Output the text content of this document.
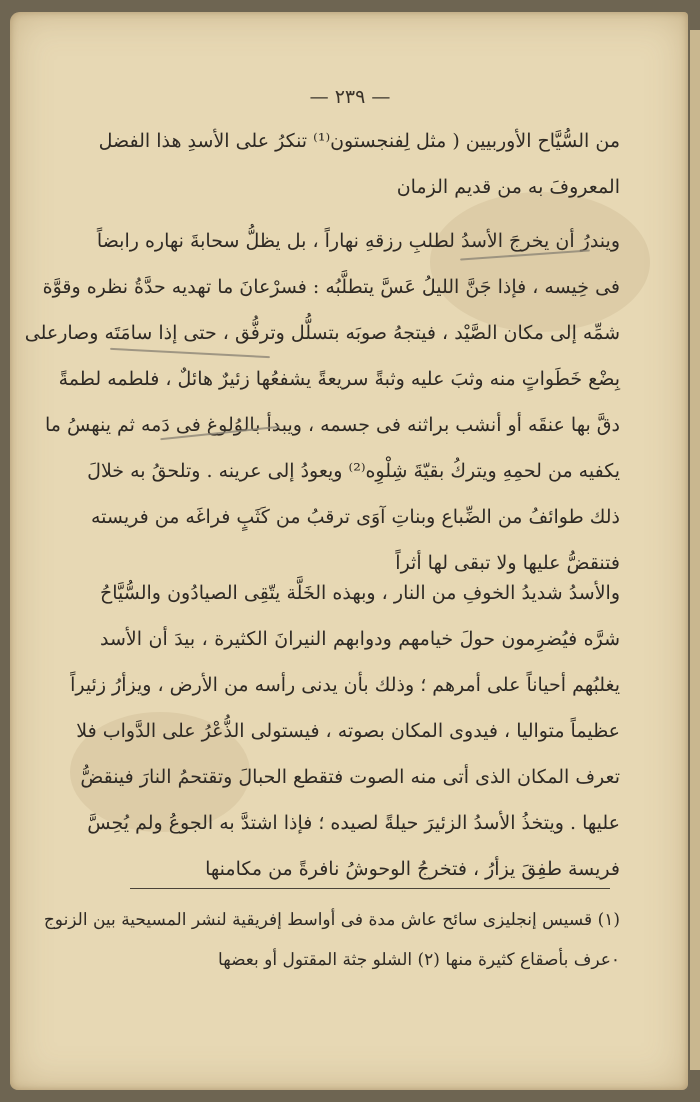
— ٢٣٩ —
من السُّيَّاح الأوربيين ( مثل لِفنجستون⁽¹⁾ تنكرُ على الأسدِ هذا الفضل
المعروفَ به من قديم الزمان
ويندرُ أن يخرجَ الأسدُ لطلبِ رزقهِ نهاراً ، بل يظلُّ سحابةَ نهاره رابضاً
فى خِيسه ، فإذا جَنَّ الليلُ عَسَّ يتطلَّبُه : فسرْعانَ ما تهديه حدَّةُ نظره وقوَّة
شمِّه إلى مكان الصَّيْد ، فيتجهُ صوبَه بتسلُّل وترفُّق ، حتى إذا سامَتَه وصارعلى
بِضْع خَطَواتٍ منه وثبَ عليه وثبةً سريعةً يشفعُها زئيرٌ هائلٌ ، فلطمه لطمةً
دقَّ بها عنقَه أو أنشب براثنه فى جسمه ، ويبدأ بالوُلوغ فى دَمه ثم ينهسُ ما
يكفيه من لحمِهِ ويتركُ بقيّةَ شِلْوِه⁽²⁾ ويعودُ إلى عرينه . وتلحقُ به خلالَ
ذلك طوائفُ من الضِّباع وبناتِ آوَى ترقبُ من كَثَبٍ فراغَه من فريسته
فتنقضُّ عليها ولا تبقى لها أثراً
والأسدُ شديدُ الخوفِ من النار ، وبهذه الخَلَّة يتّقِى الصيادُون والسُّيَّاحُ
شرَّه فيُضرِمون حولَ خيامهم ودوابهم النيرانَ الكثيرة ، بيدَ أن الأسد
يغلبُهم أحياناً على أمرهم ؛ وذلك بأن يدنى رأسه من الأرض ، ويزأرُ زئيراً
عظيماً متواليا ، فيدوى المكان بصوته ، فيستولى الذُّعْرُ على الدَّواب فلا
تعرف المكان الذى أتى منه الصوت فتقطع الحبالَ وتقتحمُ النارَ فينقضُّ
عليها . ويتخذُ الأسدُ الزئيرَ حيلةً لصيده ؛ فإذا اشتدَّ به الجوعُ ولم يُحِسَّ
فريسة طفِقَ يزأرُ ، فتخرجُ الوحوشُ نافرةً من مكامنها
(١) قسيس إنجليزى سائح عاش مدة فى أواسط إفريقية لنشر المسيحية بين الزنوج
٠عرف بأصقاع كثيرة منها (٢) الشلو جثة المقتول أو بعضها
